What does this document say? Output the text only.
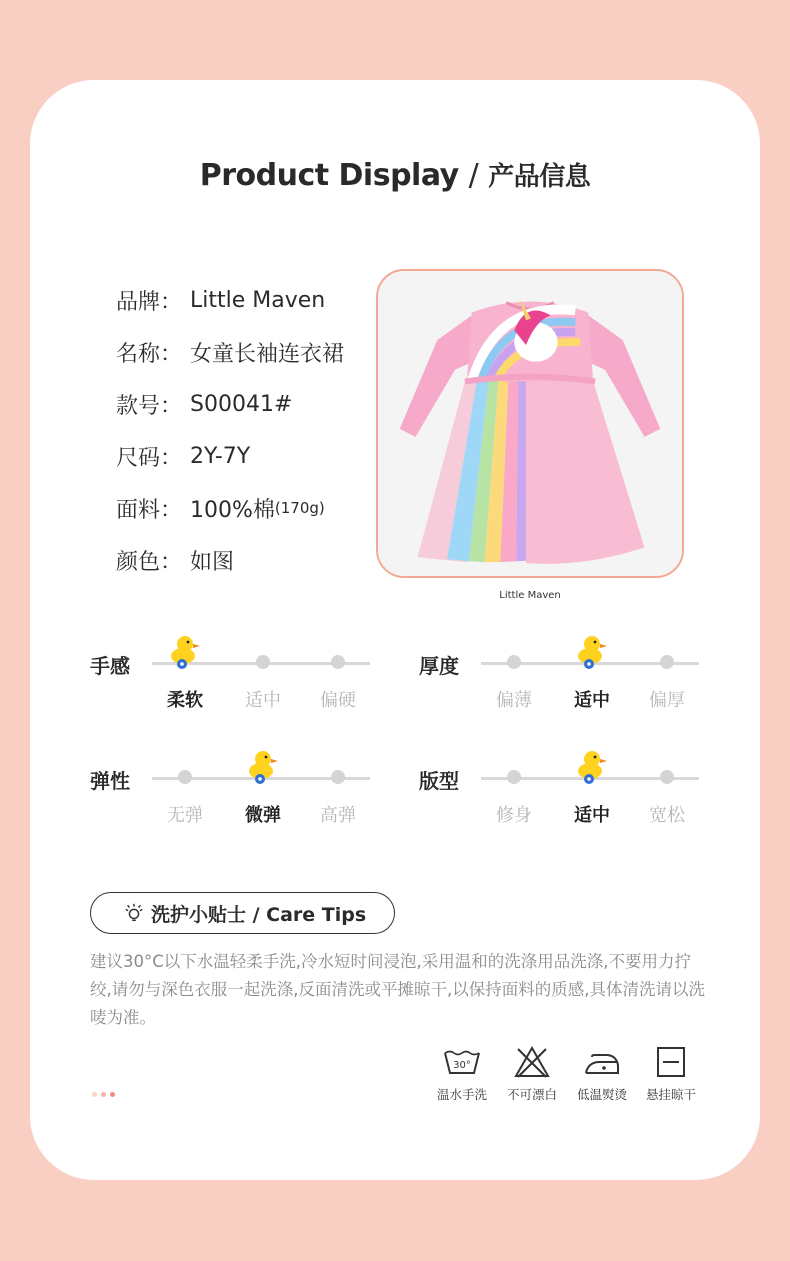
Product Display / 产品信息
品牌： Little Maven
名称： 女童长袖连衣裙
款号： S00041#
尺码： 2Y-7Y
面料： 100%棉 (170g)
颜色： 如图
Little Maven
手感
柔软	适中	偏硬
厚度
偏薄	适中	偏厚
弹性
无弹	微弹	高弹
版型
修身	适中	宽松
洗护小贴士 / Care Tips
建议30°C以下水温轻柔手洗,冷水短时间浸泡,采用温和的洗涤用品洗涤,不要用力拧绞,请勿与深色衣服一起洗涤,反面清洗或平摊晾干,以保持面料的质感,具体清洗请以洗唛为准。
30°
温水手洗	不可漂白	低温熨烫	悬挂晾干
